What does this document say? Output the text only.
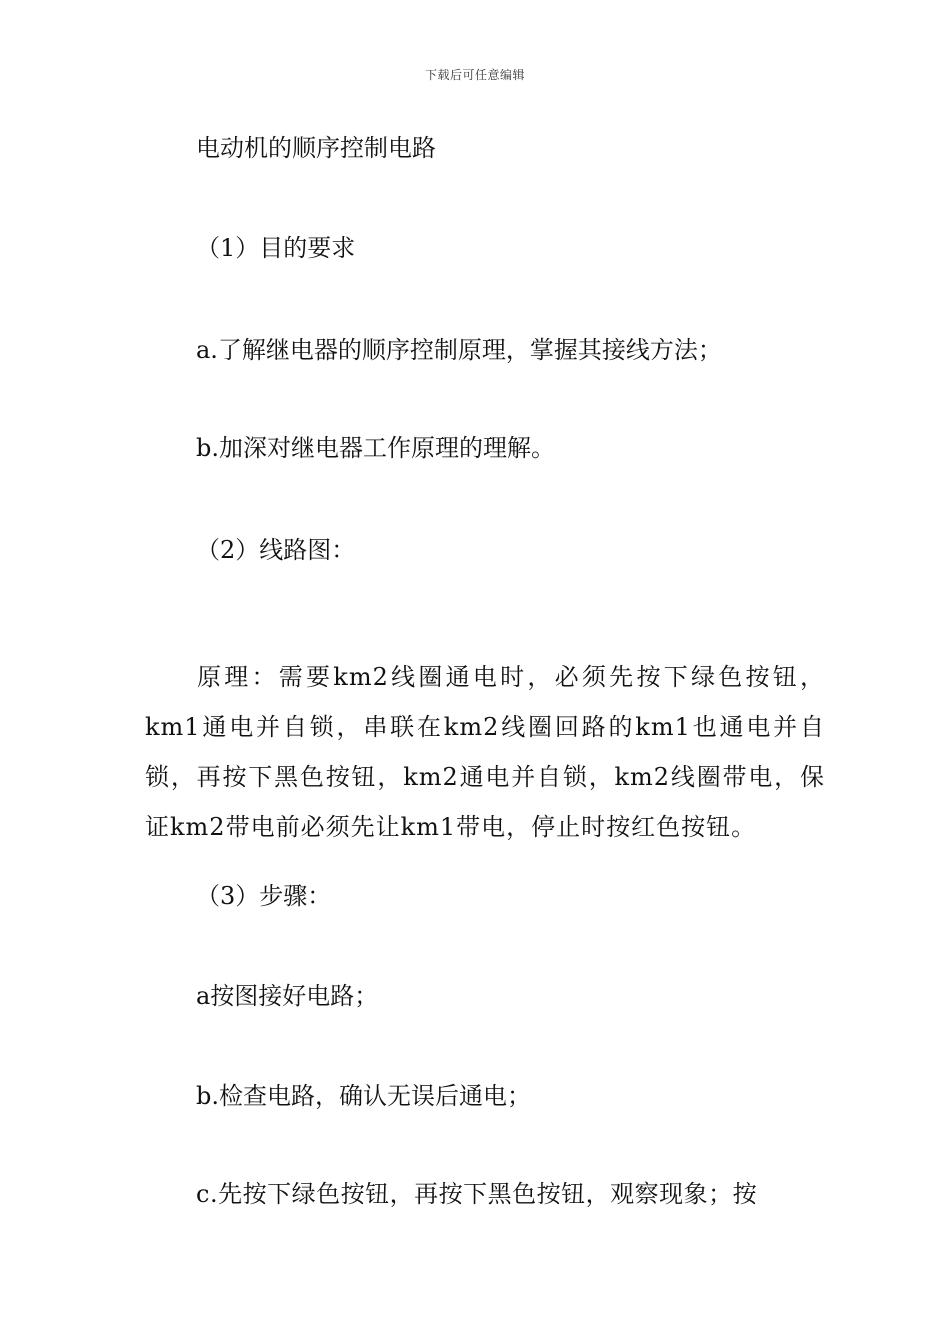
下载后可任意编辑
电动机的顺序控制电路
（1）目的要求
a.了解继电器的顺序控制原理，掌握其接线方法；
b.加深对继电器工作原理的理解。
（2）线路图：

原理：需要km2线圈通电时，必须先按下绿色按钮，km1通电并自锁，串联在km2线圈回路的km1也通电并自锁，再按下黑色按钮，km2通电并自锁，km2线圈带电，保证km2带电前必须先让km1带电，停止时按红色按钮。

（3）步骤：
a按图接好电路；
b.检查电路，确认无误后通电；
c.先按下绿色按钮，再按下黑色按钮，观察现象；按
